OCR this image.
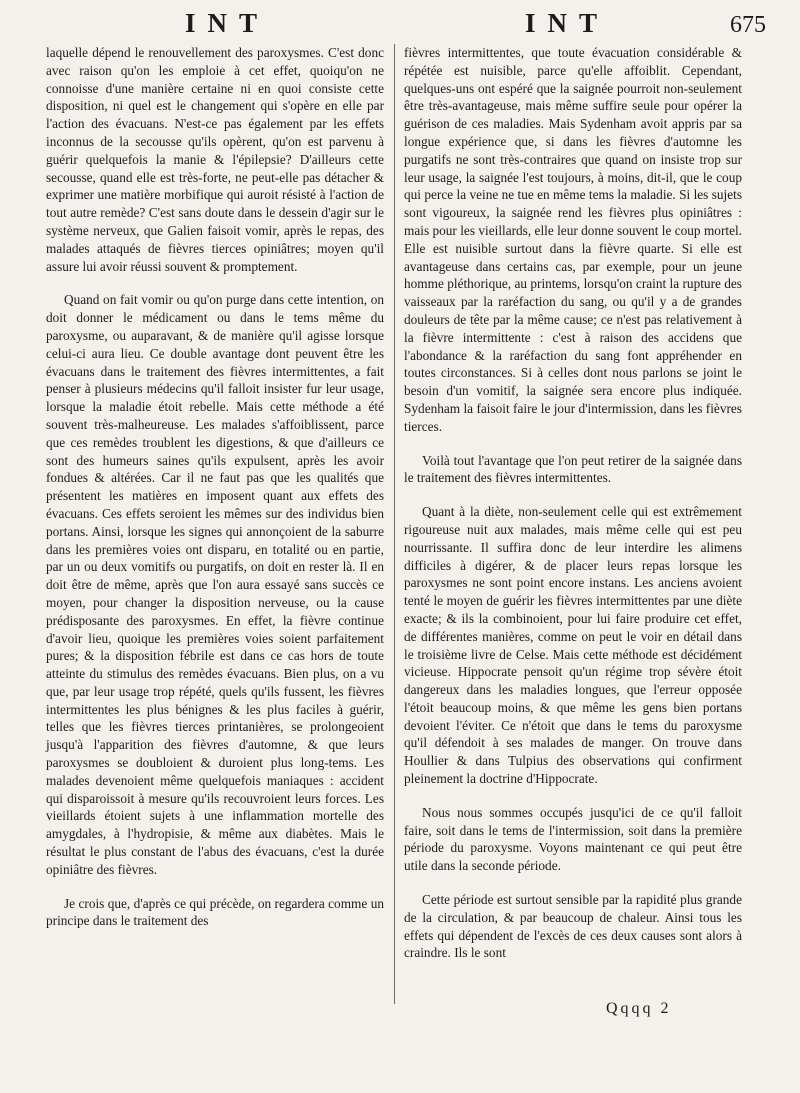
INT	INT	675

laquelle dépend le renouvellement des paroxysmes. C'est donc avec raison qu'on les emploie à cet effet, quoiqu'on ne connoisse d'une manière certaine ni en quoi consiste cette disposition, ni quel est le changement qui s'opère en elle par l'action des évacuans. N'est-ce pas également par les effets inconnus de la secousse qu'ils opèrent, qu'on est parvenu à guérir quelquefois la manie & l'épilepsie? D'ailleurs cette secousse, quand elle est très-forte, ne peut-elle pas détacher & exprimer une matière morbifique qui auroit résisté à l'action de tout autre remède? C'est sans doute dans le dessein d'agir sur le système nerveux, que Galien faisoit vomir, après le repas, des malades attaqués de fièvres tierces opiniâtres; moyen qu'il assure lui avoir réussi souvent & promptement.

Quand on fait vomir ou qu'on purge dans cette intention, on doit donner le médicament ou dans le tems même du paroxysme, ou auparavant, & de manière qu'il agisse lorsque celui-ci aura lieu. Ce double avantage dont peuvent être les évacuans dans le traitement des fièvres intermittentes, a fait penser à plusieurs médecins qu'il falloit insister fur leur usage, lorsque la maladie étoit rebelle. Mais cette méthode a été souvent très-malheureuse. Les malades s'affoiblissent, parce que ces remèdes troublent les digestions, & que d'ailleurs ce sont des humeurs saines qu'ils expulsent, après les avoir fondues & altérées. Car il ne faut pas que les qualités que présentent les matières en imposent quant aux effets des évacuans. Ces effets seroient les mêmes sur des individus bien portans. Ainsi, lorsque les signes qui annonçoient de la saburre dans les premières voies ont disparu, en totalité ou en partie, par un ou deux vomitifs ou purgatifs, on doit en rester là. Il en doit être de même, après que l'on aura essayé sans succès ce moyen, pour changer la disposition nerveuse, ou la cause prédisposante des paroxysmes. En effet, la fièvre continue d'avoir lieu, quoique les premières voies soient parfaitement pures; & la disposition fébrile est dans ce cas hors de toute atteinte du stimulus des remèdes évacuans. Bien plus, on a vu que, par leur usage trop répété, quels qu'ils fussent, les fièvres intermittentes les plus bénignes & les plus faciles à guérir, telles que les fièvres tierces printanières, se prolongeoient jusqu'à l'apparition des fièvres d'automne, & que leurs paroxysmes se doubloient & duroient plus long-tems. Les malades devenoient même quelquefois maniaques : accident qui disparoissoit à mesure qu'ils recouvroient leurs forces. Les vieillards étoient sujets à une inflammation mortelle des amygdales, à l'hydropisie, & même aux diabètes. Mais le résultat le plus constant de l'abus des évacuans, c'est la durée opiniâtre des fièvres.

Je crois que, d'après ce qui précède, on regardera comme un principe dans le traitement des

fièvres intermittentes, que toute évacuation considérable & répétée est nuisible, parce qu'elle affoiblit. Cependant, quelques-uns ont espéré que la saignée pourroit non-seulement être très-avantageuse, mais même suffire seule pour opérer la guérison de ces maladies. Mais Sydenham avoit appris par sa longue expérience que, si dans les fièvres d'automne les purgatifs ne sont très-contraires que quand on insiste trop sur leur usage, la saignée l'est toujours, à moins, dit-il, que le coup qui perce la veine ne tue en même tems la maladie. Si les sujets sont vigoureux, la saignée rend les fièvres plus opiniâtres : mais pour les vieillards, elle leur donne souvent le coup mortel. Elle est nuisible surtout dans la fièvre quarte. Si elle est avantageuse dans certains cas, par exemple, pour un jeune homme pléthorique, au printems, lorsqu'on craint la rupture des vaisseaux par la raréfaction du sang, ou qu'il y a de grandes douleurs de tête par la même cause; ce n'est pas relativement à la fièvre intermittente : c'est à raison des accidens que l'abondance & la raréfaction du sang font appréhender en toutes circonstances. Si à celles dont nous parlons se joint le besoin d'un vomitif, la saignée sera encore plus indiquée. Sydenham la faisoit faire le jour d'intermission, dans les fièvres tierces.

Voilà tout l'avantage que l'on peut retirer de la saignée dans le traitement des fièvres intermittentes.

Quant à la diète, non-seulement celle qui est extrêmement rigoureuse nuit aux malades, mais même celle qui est peu nourrissante. Il suffira donc de leur interdire les alimens difficiles à digérer, & de placer leurs repas lorsque les paroxysmes ne sont point encore instans. Les anciens avoient tenté le moyen de guérir les fièvres intermittentes par une diète exacte; & ils la combinoient, pour lui faire produire cet effet, de différentes manières, comme on peut le voir en détail dans le troisième livre de Celse. Mais cette méthode est décidément vicieuse. Hippocrate pensoit qu'un régime trop sévère étoit dangereux dans les maladies longues, que l'erreur opposée l'étoit beaucoup moins, & que même les gens bien portans devoient l'éviter. Ce n'étoit que dans le tems du paroxysme qu'il défendoit à ses malades de manger. On trouve dans Houllier & dans Tulpius des observations qui confirment pleinement la doctrine d'Hippocrate.

Nous nous sommes occupés jusqu'ici de ce qu'il falloit faire, soit dans le tems de l'intermission, soit dans la première période du paroxysme. Voyons maintenant ce qui peut être utile dans la seconde période.

Cette période est surtout sensible par la rapidité plus grande de la circulation, & par beaucoup de chaleur. Ainsi tous les effets qui dépendent de l'excès de ces deux causes sont alors à craindre. Ils le sont

Qqqq 2
